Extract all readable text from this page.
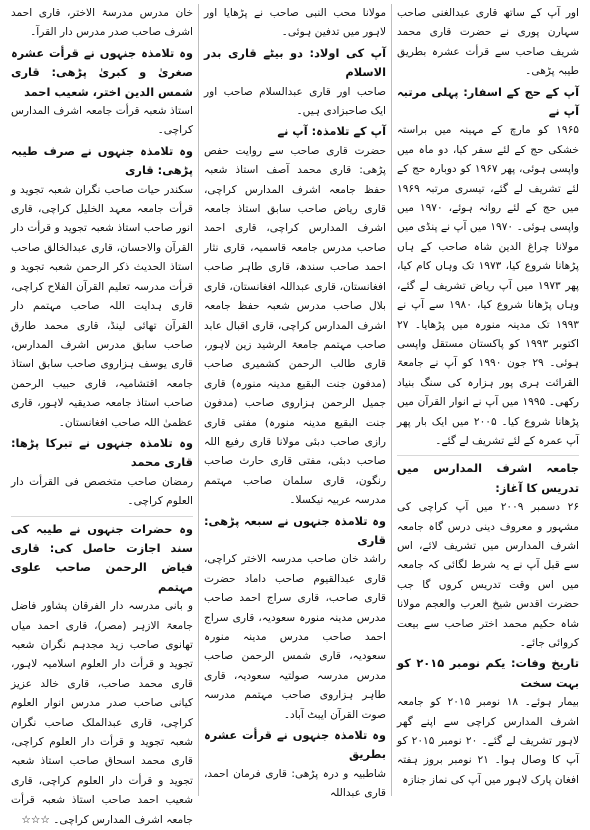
اور آپ کے ساتھ قاری عبدالغنی صاحب سہارن پوری نے حضرت قاری محمد شریف صاحب سے قرأت عشرہ بطریق طیبہ پڑھی۔

آپ کے حج کے اسفار: پہلی مرتبہ آپ نے

۱۹۶۵ کو مارچ کے مہینہ میں براستہ خشکی حج کے لئے سفر کیا، دو ماہ میں واپسی ہوئی، پھر ۱۹۶۷ کو دوبارہ حج کے لئے تشریف لے گئے، تیسری مرتبہ ۱۹۶۹ میں حج کے لئے روانہ ہوئے، ۱۹۷۰ میں واپسی ہوئی۔ ۱۹۷۰ میں آپ نے پنڈی میں مولانا چراغ الدین شاہ صاحب کے ہاں پڑھانا شروع کیا، ۱۹۷۳ تک وہاں کام کیا، پھر ۱۹۷۳ میں آپ ریاض تشریف لے گئے، وہاں پڑھانا شروع کیا، ۱۹۸۰ سے آپ نے ۱۹۹۳ تک مدینہ منورہ میں پڑھایا۔ ۲۷ اکتوبر ۱۹۹۳ کو پاکستان مستقل واپسی ہوئی۔ ۲۹ جون ۱۹۹۰ کو آپ نے جامعۃ القرائت ہری پور ہزارہ کی سنگ بنیاد رکھی۔ ۱۹۹۵ میں آپ نے انوار القرآن میں پڑھانا شروع کیا۔ ۲۰۰۵ میں ایک بار پھر آپ عمرہ کے لئے تشریف لے گئے۔

جامعہ اشرف المدارس میں تدریس کا آغاز:

۲۶ دسمبر ۲۰۰۹ میں آپ کراچی کی مشہور و معروف دینی درس گاہ جامعہ اشرف المدارس میں تشریف لائے، اس سے قبل آپ نے یہ شرط لگائی کہ جامعہ میں اس وقت تدریس کروں گا جب حضرت اقدس شیخ العرب والعجم مولانا شاہ حکیم محمد اختر صاحب سے بیعت کروائی جائے۔

تاریخ وفات: یکم نومبر ۲۰۱۵ کو بہت سخت

بیمار ہوئے۔ ۱۸ نومبر ۲۰۱۵ کو جامعہ اشرف المدارس کراچی سے اپنے گھر لاہور تشریف لے گئے۔ ۲۰ نومبر ۲۰۱۵ کو آپ کا وصال ہوا۔ ۲۱ نومبر بروز ہفتہ افغان پارک لاہور میں آپ کی نماز جنازہ

مولانا محب النبی صاحب نے پڑھایا اور لاہور میں تدفین ہوئی۔

آپ کی اولاد: دو بیٹے قاری بدر الاسلام

صاحب اور قاری عبدالسلام صاحب اور ایک صاحبزادی ہیں۔

آپ کے تلامذہ: آپ نے

حضرت قاری صاحب سے روایت حفص پڑھی: قاری محمد آصف استاذ شعبہ حفظ جامعہ اشرف المدارس کراچی، قاری ریاض صاحب سابق استاذ جامعہ اشرف المدارس کراچی، قاری احمد صاحب مدرس جامعہ قاسمیہ، قاری نثار احمد صاحب سندھ، قاری طاہر صاحب افغانستان، قاری عبداللہ افغانستان، قاری بلال صاحب مدرس شعبہ حفظ جامعہ اشرف المدارس کراچی، قاری اقبال عابد صاحب مہتمم جامعۃ الرشید زین لاہور، قاری طالب الرحمن کشمیری صاحب (مدفون جنت البقیع مدینہ منورہ) قاری جمیل الرحمن ہزاروی صاحب (مدفون جنت البقیع مدینہ منورہ) مفتی قاری رازی صاحب دبئی مولانا قاری رفیع اللہ صاحب دبئی، مفتی قاری حارث صاحب رنگون، قاری سلمان صاحب مہتمم مدرسہ عربیہ نیکسلا۔

وہ تلامذہ جنہوں نے سبعہ پڑھی: قاری

راشد خان صاحب مدرسہ الاختر کراچی، قاری عبدالقیوم صاحب داماد حضرت قاری صاحب، قاری سراج احمد صاحب مدرس مدینہ منورہ سعودیہ، قاری سراج احمد صاحب مدرس مدینہ منورہ سعودیہ، قاری شمس الرحمن صاحب مدرس مدرسہ صولتیہ سعودیہ، قاری طاہر ہزاروی صاحب مہتمم مدرسہ صوت القرآن ایبٹ آباد۔

وہ تلامذہ جنہوں نے قرأت عشرہ بطریق

شاطبیہ و درہ پڑھی: قاری فرمان احمد، قاری عبداللہ

خان مدرس مدرسۃ الاختر، قاری احمد اشرف صاحب صدر مدرس دار القرآ۔

وہ تلامذہ جنہوں نے قرأت عشرہ صغریٰ و کبریٰ پڑھی: قاری شمس الدین اختر، شعیب احمد

استاذ شعبہ قرأت جامعہ اشرف المدارس کراچی۔

وہ تلامذہ جنہوں نے صرف طیبہ پڑھی: قاری

سکندر حیات صاحب نگران شعبہ تجوید و قرأت جامعہ معہد الخلیل کراچی، قاری انور صاحب استاذ شعبہ تجوید و قرأت دار القرآن والاحسان، قاری عبدالخالق صاحب استاذ الحدیث ذکر الرحمن شعبہ تجوید و قرأت مدرسہ تعلیم القرآن الفلاح کراچی، قاری ہدایت اللہ صاحب مہتمم دار القرآن تھائی لینڈ، قاری محمد طارق صاحب سابق مدرس اشرف المدارس، قاری یوسف ہزاروی صاحب سابق استاذ جامعہ اقتشامیہ، قاری حبیب الرحمن صاحب استاذ جامعہ صدیقیہ لاہور، قاری عظمیٰ اللہ صاحب افغانستان۔

وہ تلامذہ جنہوں نے تبرکا پڑھا: قاری محمد

رمضان صاحب متخصص فی القرأت دار العلوم کراچی۔

وہ حضرات جنہوں نے طیبہ کی سند اجازت حاصل کی: قاری فیاض الرحمن صاحب علوی مہتمم

و بانی مدرسہ دار الفرقان پشاور فاضل جامعۃ الازہر (مصر)، قاری احمد میاں تھانوی صاحب زید مجدہم نگران شعبہ تجوید و قرأت دار العلوم اسلامیہ لاہور، قاری محمد صاحب، قاری خالد عزیز کیانی صاحب صدر مدرس انوار العلوم کراچی، قاری عبدالملک صاحب نگران شعبہ تجوید و قرأت دار العلوم کراچی، قاری محمد اسحاق صاحب استاذ شعبہ تجوید و قرأت دار العلوم کراچی، قاری شعیب احمد صاحب استاذ شعبہ قرأت جامعہ اشرف المدارس کراچی۔ ☆☆☆
